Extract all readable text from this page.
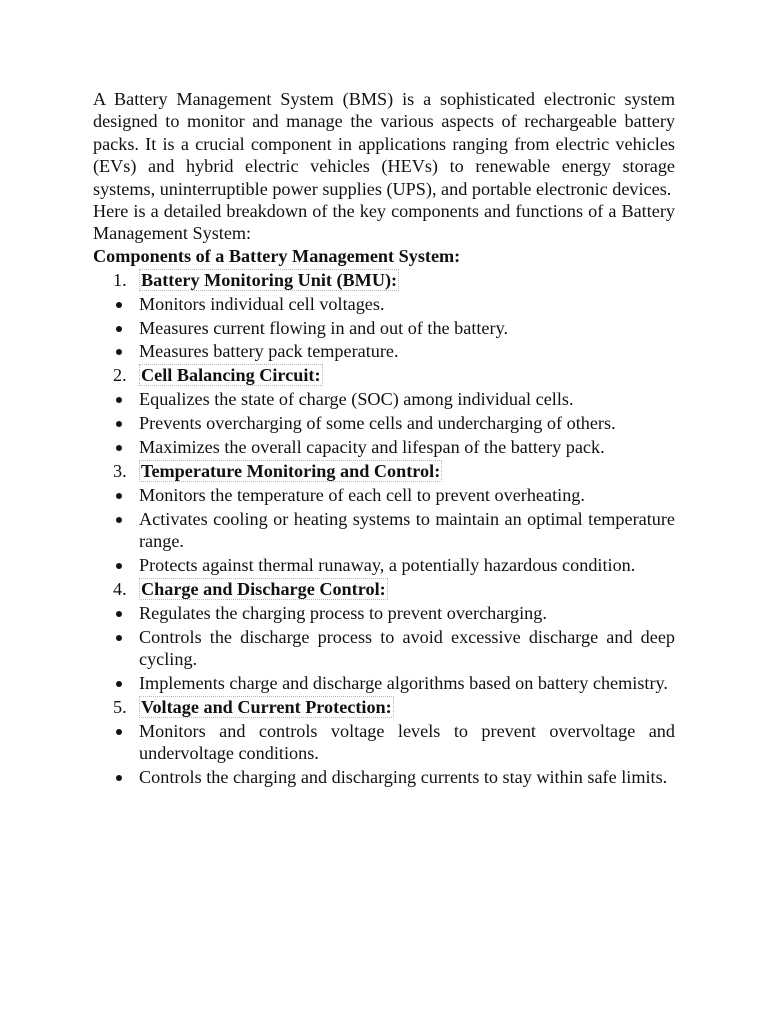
A Battery Management System (BMS) is a sophisticated electronic system designed to monitor and manage the various aspects of rechargeable battery packs. It is a crucial component in applications ranging from electric vehicles (EVs) and hybrid electric vehicles (HEVs) to renewable energy storage systems, uninterruptible power supplies (UPS), and portable electronic devices.

Here is a detailed breakdown of the key components and functions of a Battery Management System:

Components of a Battery Management System:

1. Battery Monitoring Unit (BMU):
Monitors individual cell voltages.
Measures current flowing in and out of the battery.
Measures battery pack temperature.
2. Cell Balancing Circuit:
Equalizes the state of charge (SOC) among individual cells.
Prevents overcharging of some cells and undercharging of others.
Maximizes the overall capacity and lifespan of the battery pack.
3. Temperature Monitoring and Control:
Monitors the temperature of each cell to prevent overheating.
Activates cooling or heating systems to maintain an optimal temperature range.
Protects against thermal runaway, a potentially hazardous condition.
4. Charge and Discharge Control:
Regulates the charging process to prevent overcharging.
Controls the discharge process to avoid excessive discharge and deep cycling.
Implements charge and discharge algorithms based on battery chemistry.
5. Voltage and Current Protection:
Monitors and controls voltage levels to prevent overvoltage and undervoltage conditions.
Controls the charging and discharging currents to stay within safe limits.
